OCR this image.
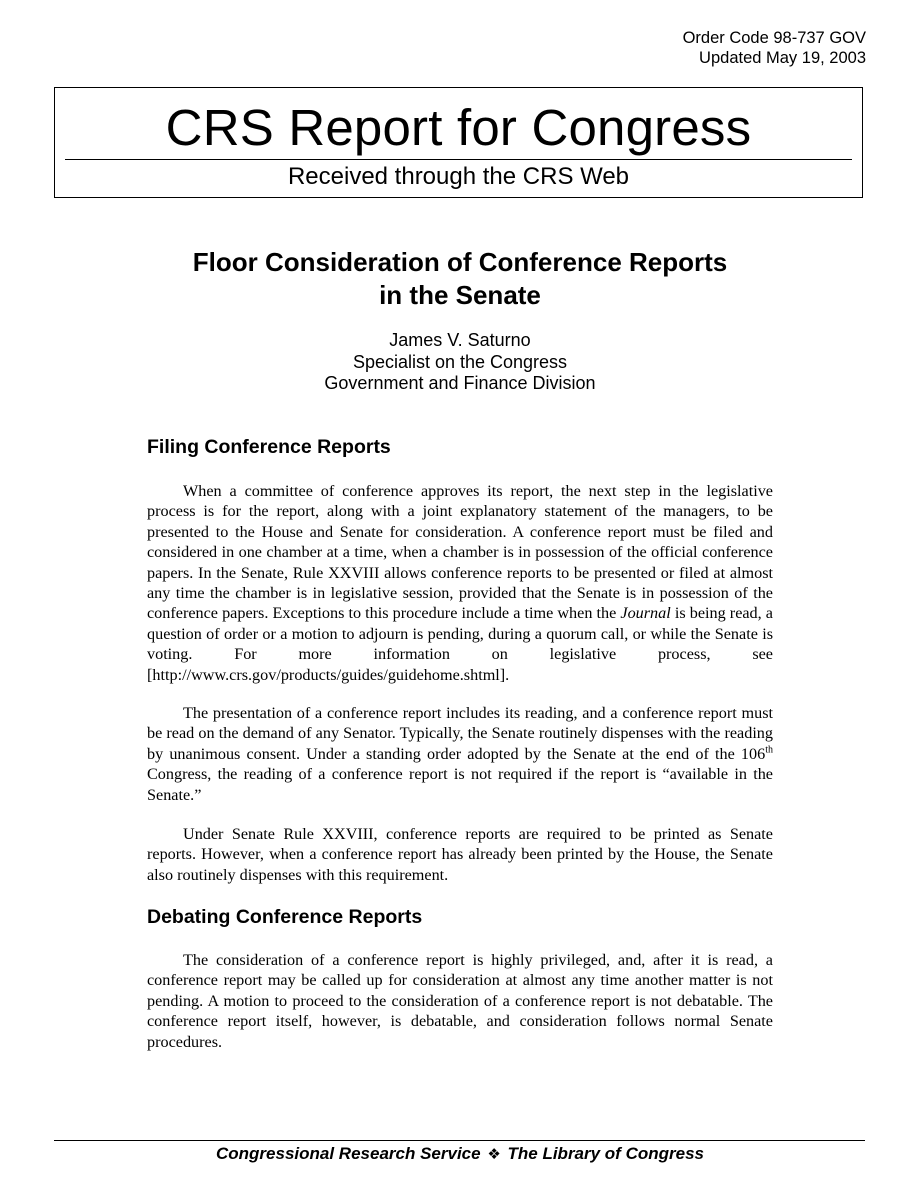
Order Code 98-737 GOV
Updated May 19, 2003
CRS Report for Congress
Received through the CRS Web
Floor Consideration of Conference Reports
in the Senate
James V. Saturno
Specialist on the Congress
Government and Finance Division
Filing Conference Reports

When a committee of conference approves its report, the next step in the legislative process is for the report, along with a joint explanatory statement of the managers, to be presented to the House and Senate for consideration. A conference report must be filed and considered in one chamber at a time, when a chamber is in possession of the official conference papers. In the Senate, Rule XXVIII allows conference reports to be presented or filed at almost any time the chamber is in legislative session, provided that the Senate is in possession of the conference papers. Exceptions to this procedure include a time when the Journal is being read, a question of order or a motion to adjourn is pending, during a quorum call, or while the Senate is voting. For more information on legislative process, see [http://www.crs.gov/products/guides/guidehome.shtml].

The presentation of a conference report includes its reading, and a conference report must be read on the demand of any Senator. Typically, the Senate routinely dispenses with the reading by unanimous consent. Under a standing order adopted by the Senate at the end of the 106th Congress, the reading of a conference report is not required if the report is “available in the Senate.”

Under Senate Rule XXVIII, conference reports are required to be printed as Senate reports. However, when a conference report has already been printed by the House, the Senate also routinely dispenses with this requirement.

Debating Conference Reports

The consideration of a conference report is highly privileged, and, after it is read, a conference report may be called up for consideration at almost any time another matter is not pending. A motion to proceed to the consideration of a conference report is not debatable. The conference report itself, however, is debatable, and consideration follows normal Senate procedures.

Congressional Research Service ❖ The Library of Congress
